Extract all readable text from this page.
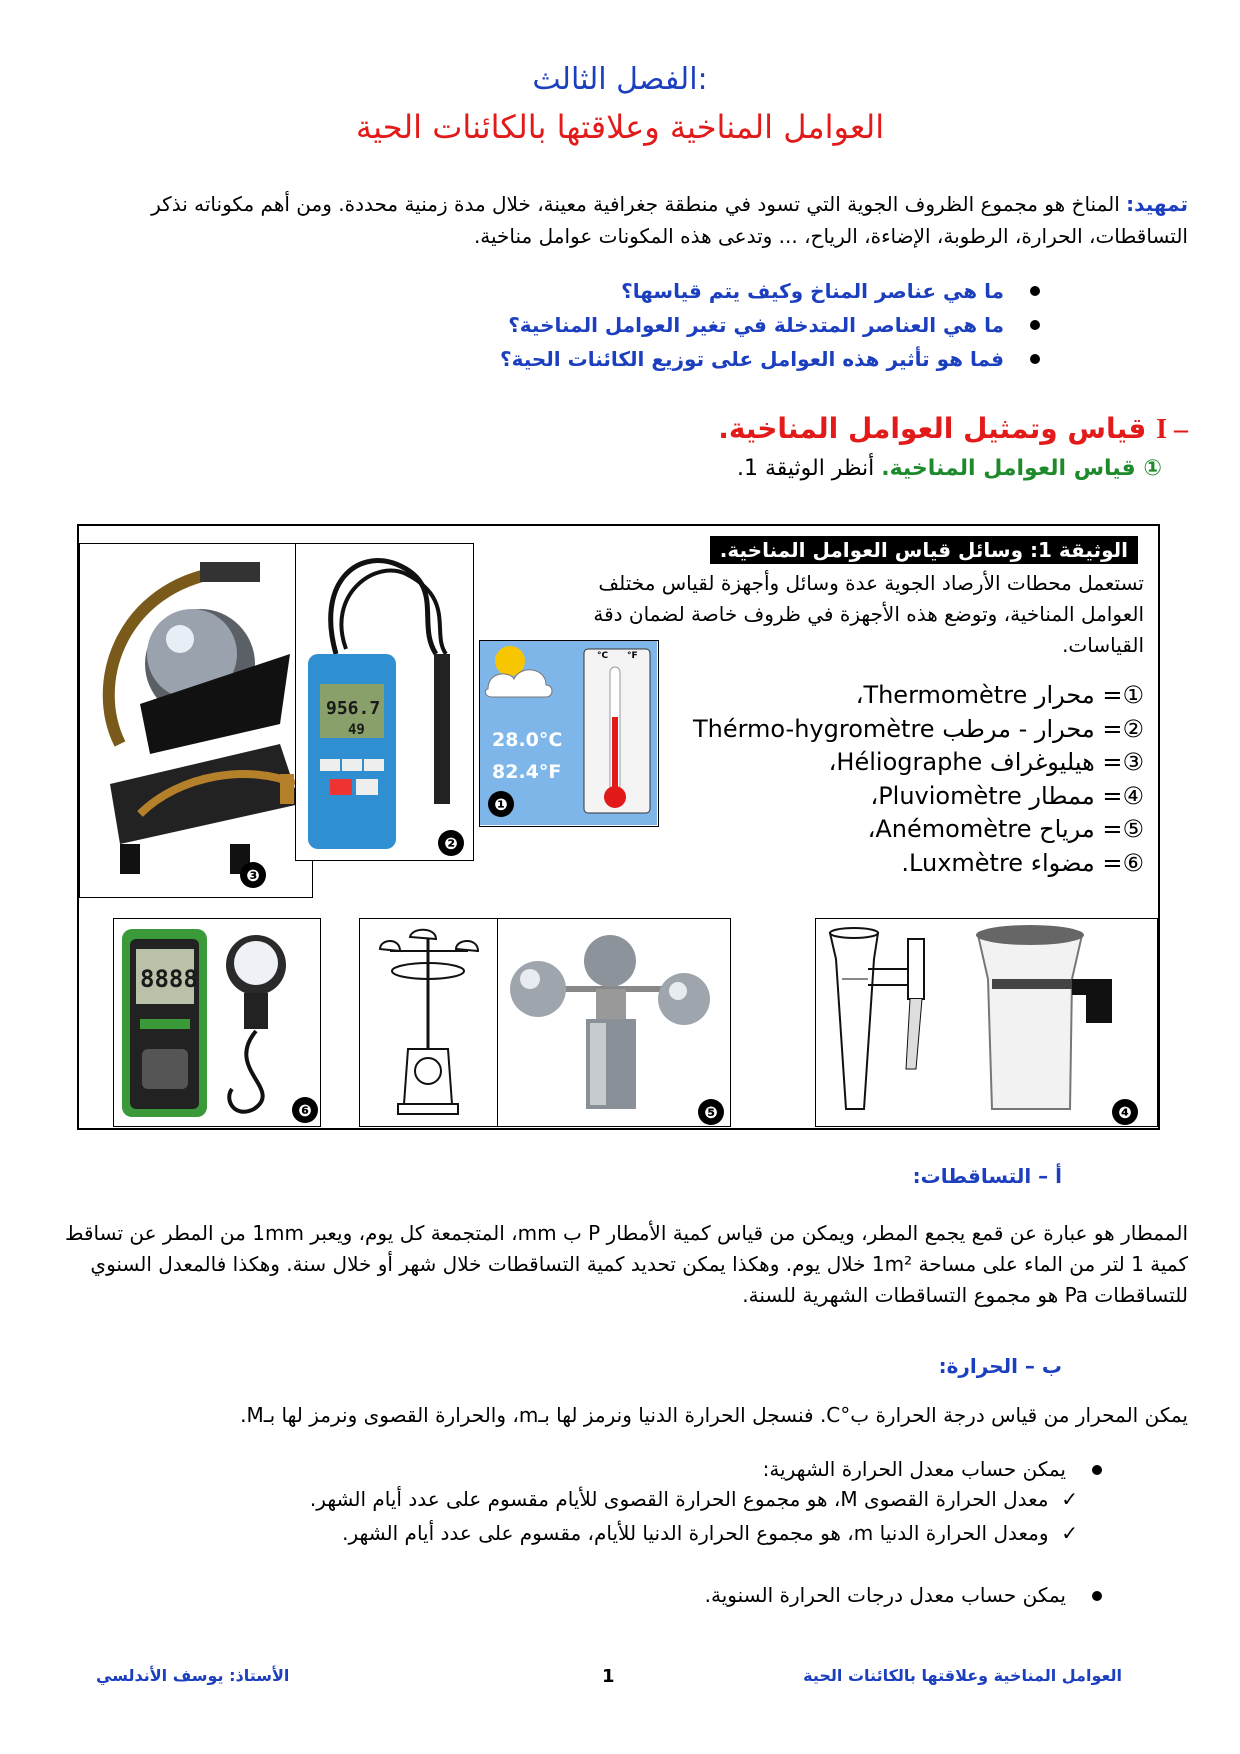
الفصل الثالث:
العوامل المناخية وعلاقتها بالكائنات الحية
تمهيد: المناخ هو مجموع الظروف الجوية التي تسود في منطقة جغرافية معينة، خلال مدة زمنية محددة. ومن أهم مكوناته نذكر التساقطات، الحرارة، الرطوبة، الإضاءة، الرياح، ... وتدعى هذه المكونات عوامل مناخية.
ما هي عناصر المناخ وكيف يتم قياسها؟
ما هي العناصر المتدخلة في تغير العوامل المناخية؟
فما هو تأثير هذه العوامل على توزيع الكائنات الحية؟
I – قياس وتمثيل العوامل المناخية.
① قياس العوامل المناخية. أنظر الوثيقة 1.
❸
956.7
49
❷
°C °F
28.0°C
82.4°F
❶
الوثيقة 1: وسائل قياس العوامل المناخية.
تستعمل محطات الأرصاد الجوية عدة وسائل وأجهزة لقياس مختلف العوامل المناخية، وتوضع هذه الأجهزة في ظروف خاصة لضمان دقة القياسات.
①
= محرار

Thermomètre
،
②
= محرار - مرطب

Thérmo-hygromètre
③
= هيليوغراف

Héliographe
،
④
= ممطار

Pluviomètre
،
⑤
= مرياح

Anémomètre
،
⑥
= مضواء

Luxmètre
.
8888
❻	❺	❹
أ – التساقطات:
الممطار هو عبارة عن قمع يجمع المطر، ويمكن من قياس كمية الأمطار P ب mm، المتجمعة كل يوم، ويعبر 1mm من المطر عن تساقط كمية 1 لتر من الماء على مساحة 1m² خلال يوم. وهكذا يمكن تحديد كمية التساقطات خلال شهر أو خلال سنة. وهكذا فالمعدل السنوي للتساقطات Pa هو مجموع التساقطات الشهرية للسنة.
ب – الحرارة:
يمكن المحرار من قياس درجة الحرارة ب°C. فنسجل الحرارة الدنيا ونرمز لها بـm، والحرارة القصوى ونرمز لها بـM.
يمكن حساب معدل الحرارة الشهرية:
✓  معدل الحرارة القصوى M، هو مجموع الحرارة القصوى للأيام مقسوم على عدد أيام الشهر.
✓  ومعدل الحرارة الدنيا m، هو مجموع الحرارة الدنيا للأيام، مقسوم على عدد أيام الشهر.
يمكن حساب معدل درجات الحرارة السنوية.
العوامل المناخية وعلاقتها بالكائنات الحية
1
الأستاذ: يوسف الأندلسي
